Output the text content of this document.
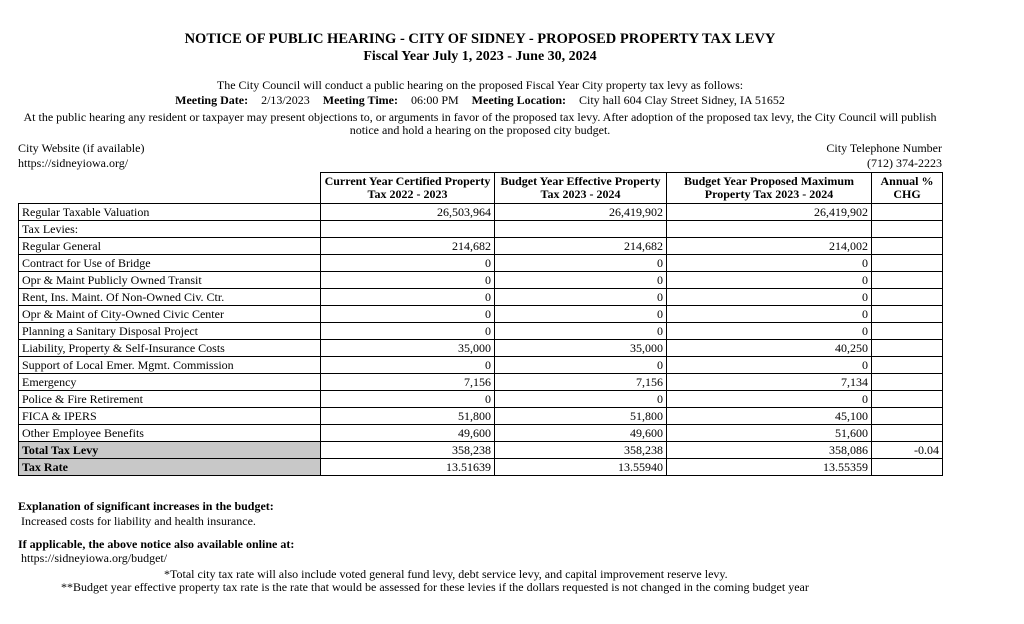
NOTICE OF PUBLIC HEARING - CITY OF SIDNEY - PROPOSED PROPERTY TAX LEVY
Fiscal Year July 1, 2023 - June 30, 2024
The City Council will conduct a public hearing on the proposed Fiscal Year City property tax levy as follows:
Meeting Date: 2/13/2023 Meeting Time: 06:00 PM Meeting Location: City hall 604 Clay Street Sidney, IA 51652
At the public hearing any resident or taxpayer may present objections to, or arguments in favor of the proposed tax levy. After adoption of the proposed tax levy, the City Council will publish notice and hold a hearing on the proposed city budget.
City Website (if available)
https://sidneyiowa.org/
City Telephone Number
(712) 374-2223
	Current Year Certified Property Tax 2022 - 2023	Budget Year Effective Property Tax 2023 - 2024	Budget Year Proposed Maximum Property Tax 2023 - 2024	Annual % CHG
Regular Taxable Valuation	26,503,964	26,419,902	26,419,902	
Tax Levies:				
Regular General	214,682	214,682	214,002	
Contract for Use of Bridge	0	0	0	
Opr & Maint Publicly Owned Transit	0	0	0	
Rent, Ins. Maint. Of Non-Owned Civ. Ctr.	0	0	0	
Opr & Maint of City-Owned Civic Center	0	0	0	
Planning a Sanitary Disposal Project	0	0	0	
Liability, Property & Self-Insurance Costs	35,000	35,000	40,250	
Support of Local Emer. Mgmt. Commission	0	0	0	
Emergency	7,156	7,156	7,134	
Police & Fire Retirement	0	0	0	
FICA & IPERS	51,800	51,800	45,100	
Other Employee Benefits	49,600	49,600	51,600	
Total Tax Levy	358,238	358,238	358,086	-0.04
Tax Rate	13.51639	13.55940	13.55359	
Explanation of significant increases in the budget:
Increased costs for liability and health insurance.
If applicable, the above notice also available online at:
https://sidneyiowa.org/budget/
*Total city tax rate will also include voted general fund levy, debt service levy, and capital improvement reserve levy.
**Budget year effective property tax rate is the rate that would be assessed for these levies if the dollars requested is not changed in the coming budget year
